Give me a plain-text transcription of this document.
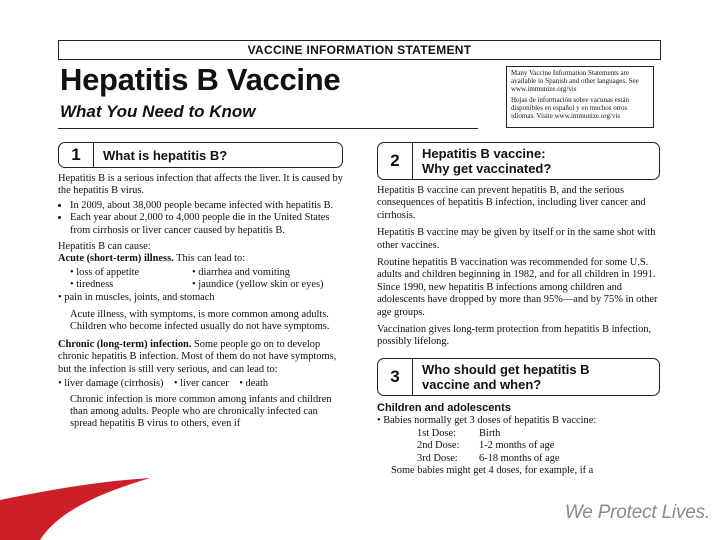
VACCINE INFORMATION STATEMENT
Hepatitis B Vaccine
What You Need to Know

Many Vaccine Information Statements are available in Spanish and other languages. See www.immunize.org/vis

Hojas de información sobre vacunas están disponibles en español y en muchos otros idiomas. Visite www.immunize.org/vis

1	What is hepatitis B?

Hepatitis B is a serious infection that affects the liver. It is caused by the hepatitis B virus.

• In 2009, about 38,000 people became infected with hepatitis B.
• Each year about 2,000 to 4,000 people die in the United States from cirrhosis or liver cancer caused by hepatitis B.
Hepatitis B can cause:
Acute (short-term) illness. This can lead to:
• loss of appetite	• diarrhea and vomiting
• tiredness	• jaundice (yellow skin or eyes)
• pain in muscles, joints, and stomach

Acute illness, with symptoms, is more common among adults. Children who become infected usually do not have symptoms.

Chronic (long-term) infection. Some people go on to develop chronic hepatitis B infection. Most of them do not have symptoms, but the infection is still very serious, and can lead to:

• liver damage (cirrhosis) • liver cancer • death

Chronic infection is more common among infants and children than among adults. People who are chronically infected can spread hepatitis B virus to others, even if

2	Hepatitis B vaccine:
Why get vaccinated?

Hepatitis B vaccine can prevent hepatitis B, and the serious consequences of hepatitis B infection, including liver cancer and cirrhosis.

Hepatitis B vaccine may be given by itself or in the same shot with other vaccines.

Routine hepatitis B vaccination was recommended for some U.S. adults and children beginning in 1982, and for all children in 1991. Since 1990, new hepatitis B infections among children and adolescents have dropped by more than 95%—and by 75% in other age groups.

Vaccination gives long-term protection from hepatitis B infection, possibly lifelong.

3	Who should get hepatitis B
vaccine and when?
Children and adolescents
• Babies normally get 3 doses of hepatitis B vaccine:
1st Dose:	Birth
2nd Dose:	1-2 months of age
3rd Dose:	6-18 months of age
Some babies might get 4 doses, for example, if a
We Protect Lives.
